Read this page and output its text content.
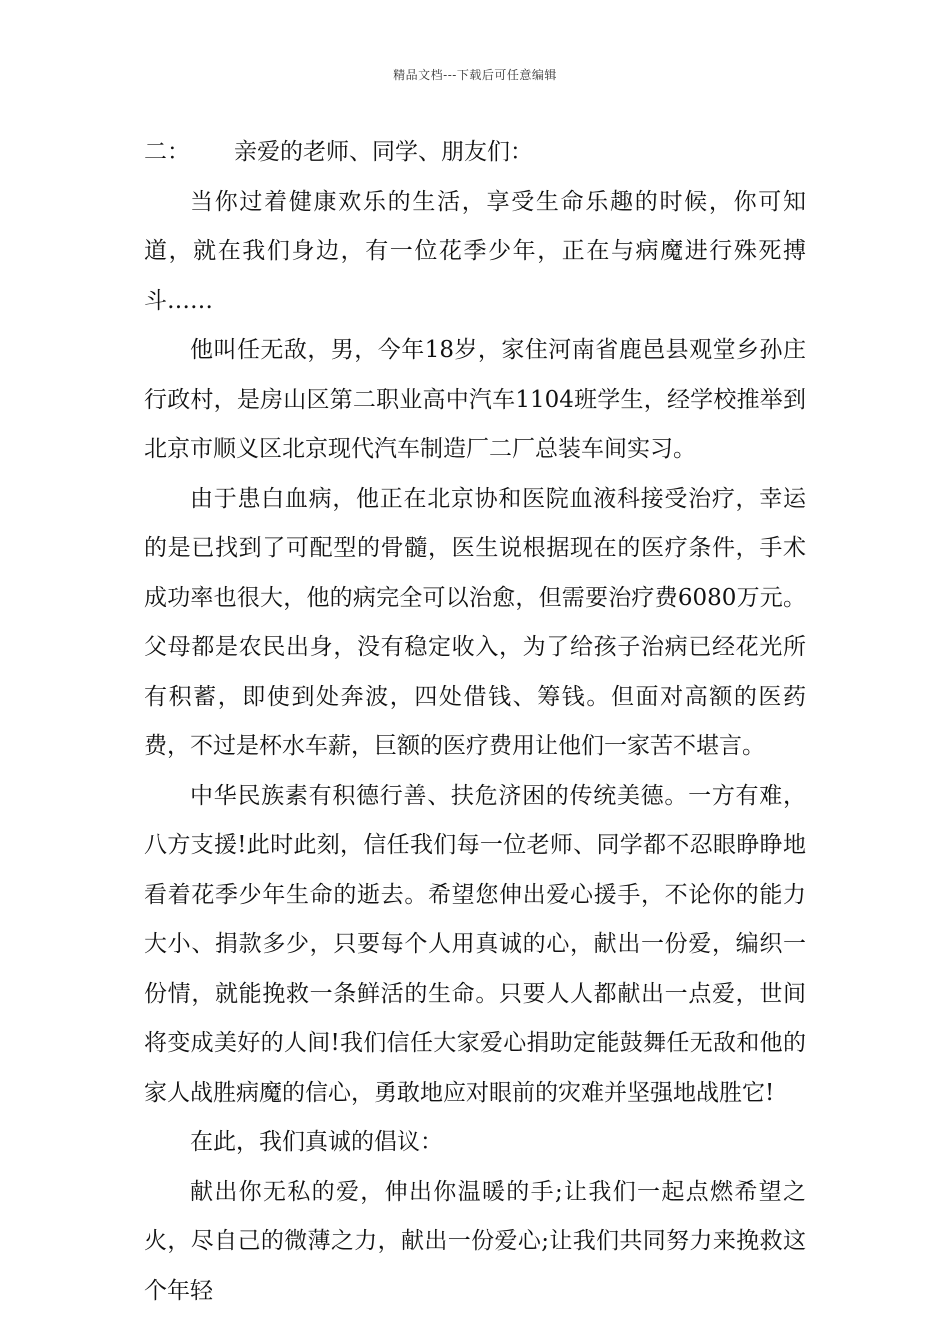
精品文档---下载后可任意编辑

二： 亲爱的老师、同学、朋友们：

当你过着健康欢乐的生活，享受生命乐趣的时候，你可知道，就在我们身边，有一位花季少年，正在与病魔进行殊死搏斗……

他叫任无敌，男，今年18岁，家住河南省鹿邑县观堂乡孙庄行政村，是房山区第二职业高中汽车1104班学生，经学校推举到北京市顺义区北京现代汽车制造厂二厂总装车间实习。

由于患白血病，他正在北京协和医院血液科接受治疗，幸运的是已找到了可配型的骨髓，医生说根据现在的医疗条件，手术成功率也很大，他的病完全可以治愈，但需要治疗费6080万元。父母都是农民出身，没有稳定收入，为了给孩子治病已经花光所有积蓄，即使到处奔波，四处借钱、筹钱。但面对高额的医药费，不过是杯水车薪，巨额的医疗费用让他们一家苦不堪言。

中华民族素有积德行善、扶危济困的传统美德。一方有难，八方支援!此时此刻，信任我们每一位老师、同学都不忍眼睁睁地看着花季少年生命的逝去。希望您伸出爱心援手，不论你的能力大小、捐款多少，只要每个人用真诚的心，献出一份爱，编织一份情，就能挽救一条鲜活的生命。只要人人都献出一点爱，世间将变成美好的人间!我们信任大家爱心捐助定能鼓舞任无敌和他的家人战胜病魔的信心，勇敢地应对眼前的灾难并坚强地战胜它!

在此，我们真诚的倡议：

献出你无私的爱，伸出你温暖的手;让我们一起点燃希望之火，尽自己的微薄之力，献出一份爱心;让我们共同努力来挽救这个年轻
